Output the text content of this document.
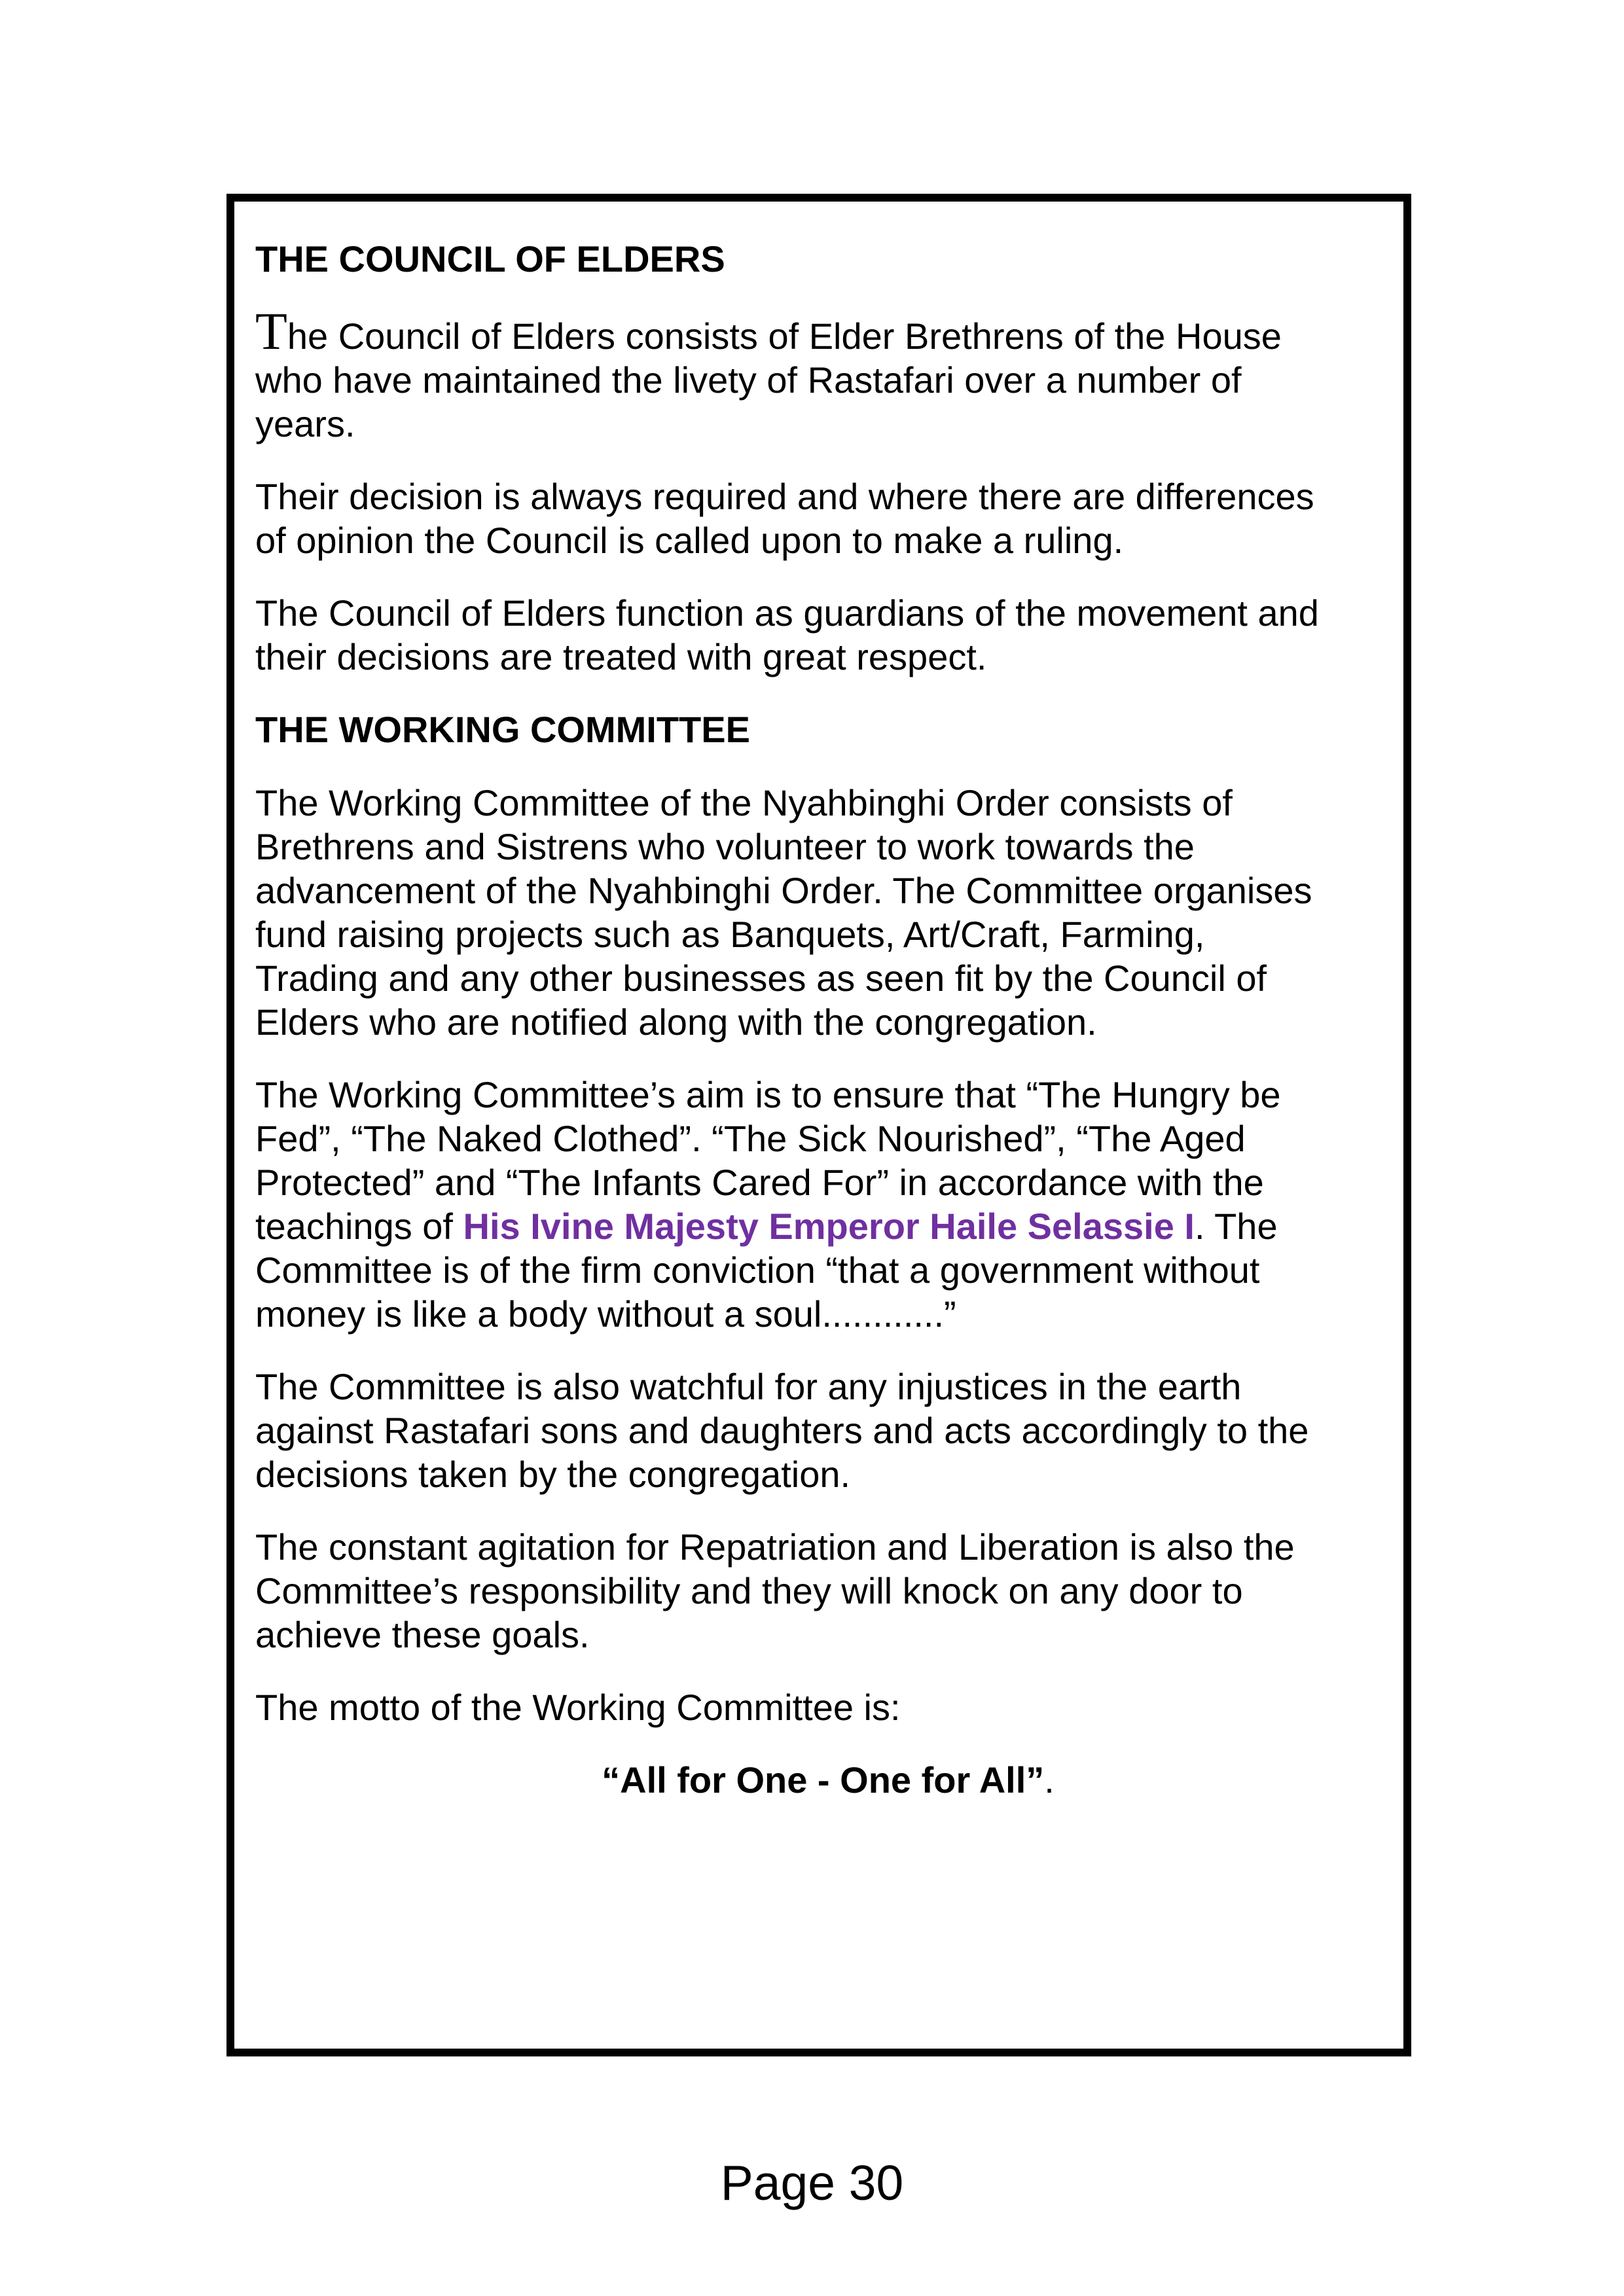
THE COUNCIL OF ELDERS
The Council of Elders consists of Elder Brethrens of the House
who have maintained the livety of Rastafari over a number of
years.
Their decision is always required and where there are differences
of opinion the Council is called upon to make a ruling.
The Council of Elders function as guardians of the movement and
their decisions are treated with great respect.
THE WORKING COMMITTEE
The Working Committee of the Nyahbinghi Order consists of
Brethrens and Sistrens who volunteer to work towards the
advancement of the Nyahbinghi Order. The Committee organises
fund raising projects such as Banquets, Art/Craft, Farming,
Trading and any other businesses as seen fit by the Council of
Elders who are notified along with the congregation.
The Working Committee’s aim is to ensure that “The Hungry be
Fed”, “The Naked Clothed”. “The Sick Nourished”, “The Aged
Protected” and “The Infants Cared For” in accordance with the
teachings of His Ivine Majesty Emperor Haile Selassie I. The
Committee is of the firm conviction “that a government without
money is like a body without a soul............”
The Committee is also watchful for any injustices in the earth
against Rastafari sons and daughters and acts accordingly to the
decisions taken by the congregation.
The constant agitation for Repatriation and Liberation is also the
Committee’s responsibility and they will knock on any door to
achieve these goals.
The motto of the Working Committee is:
“All for One - One for All”.
Page 30
